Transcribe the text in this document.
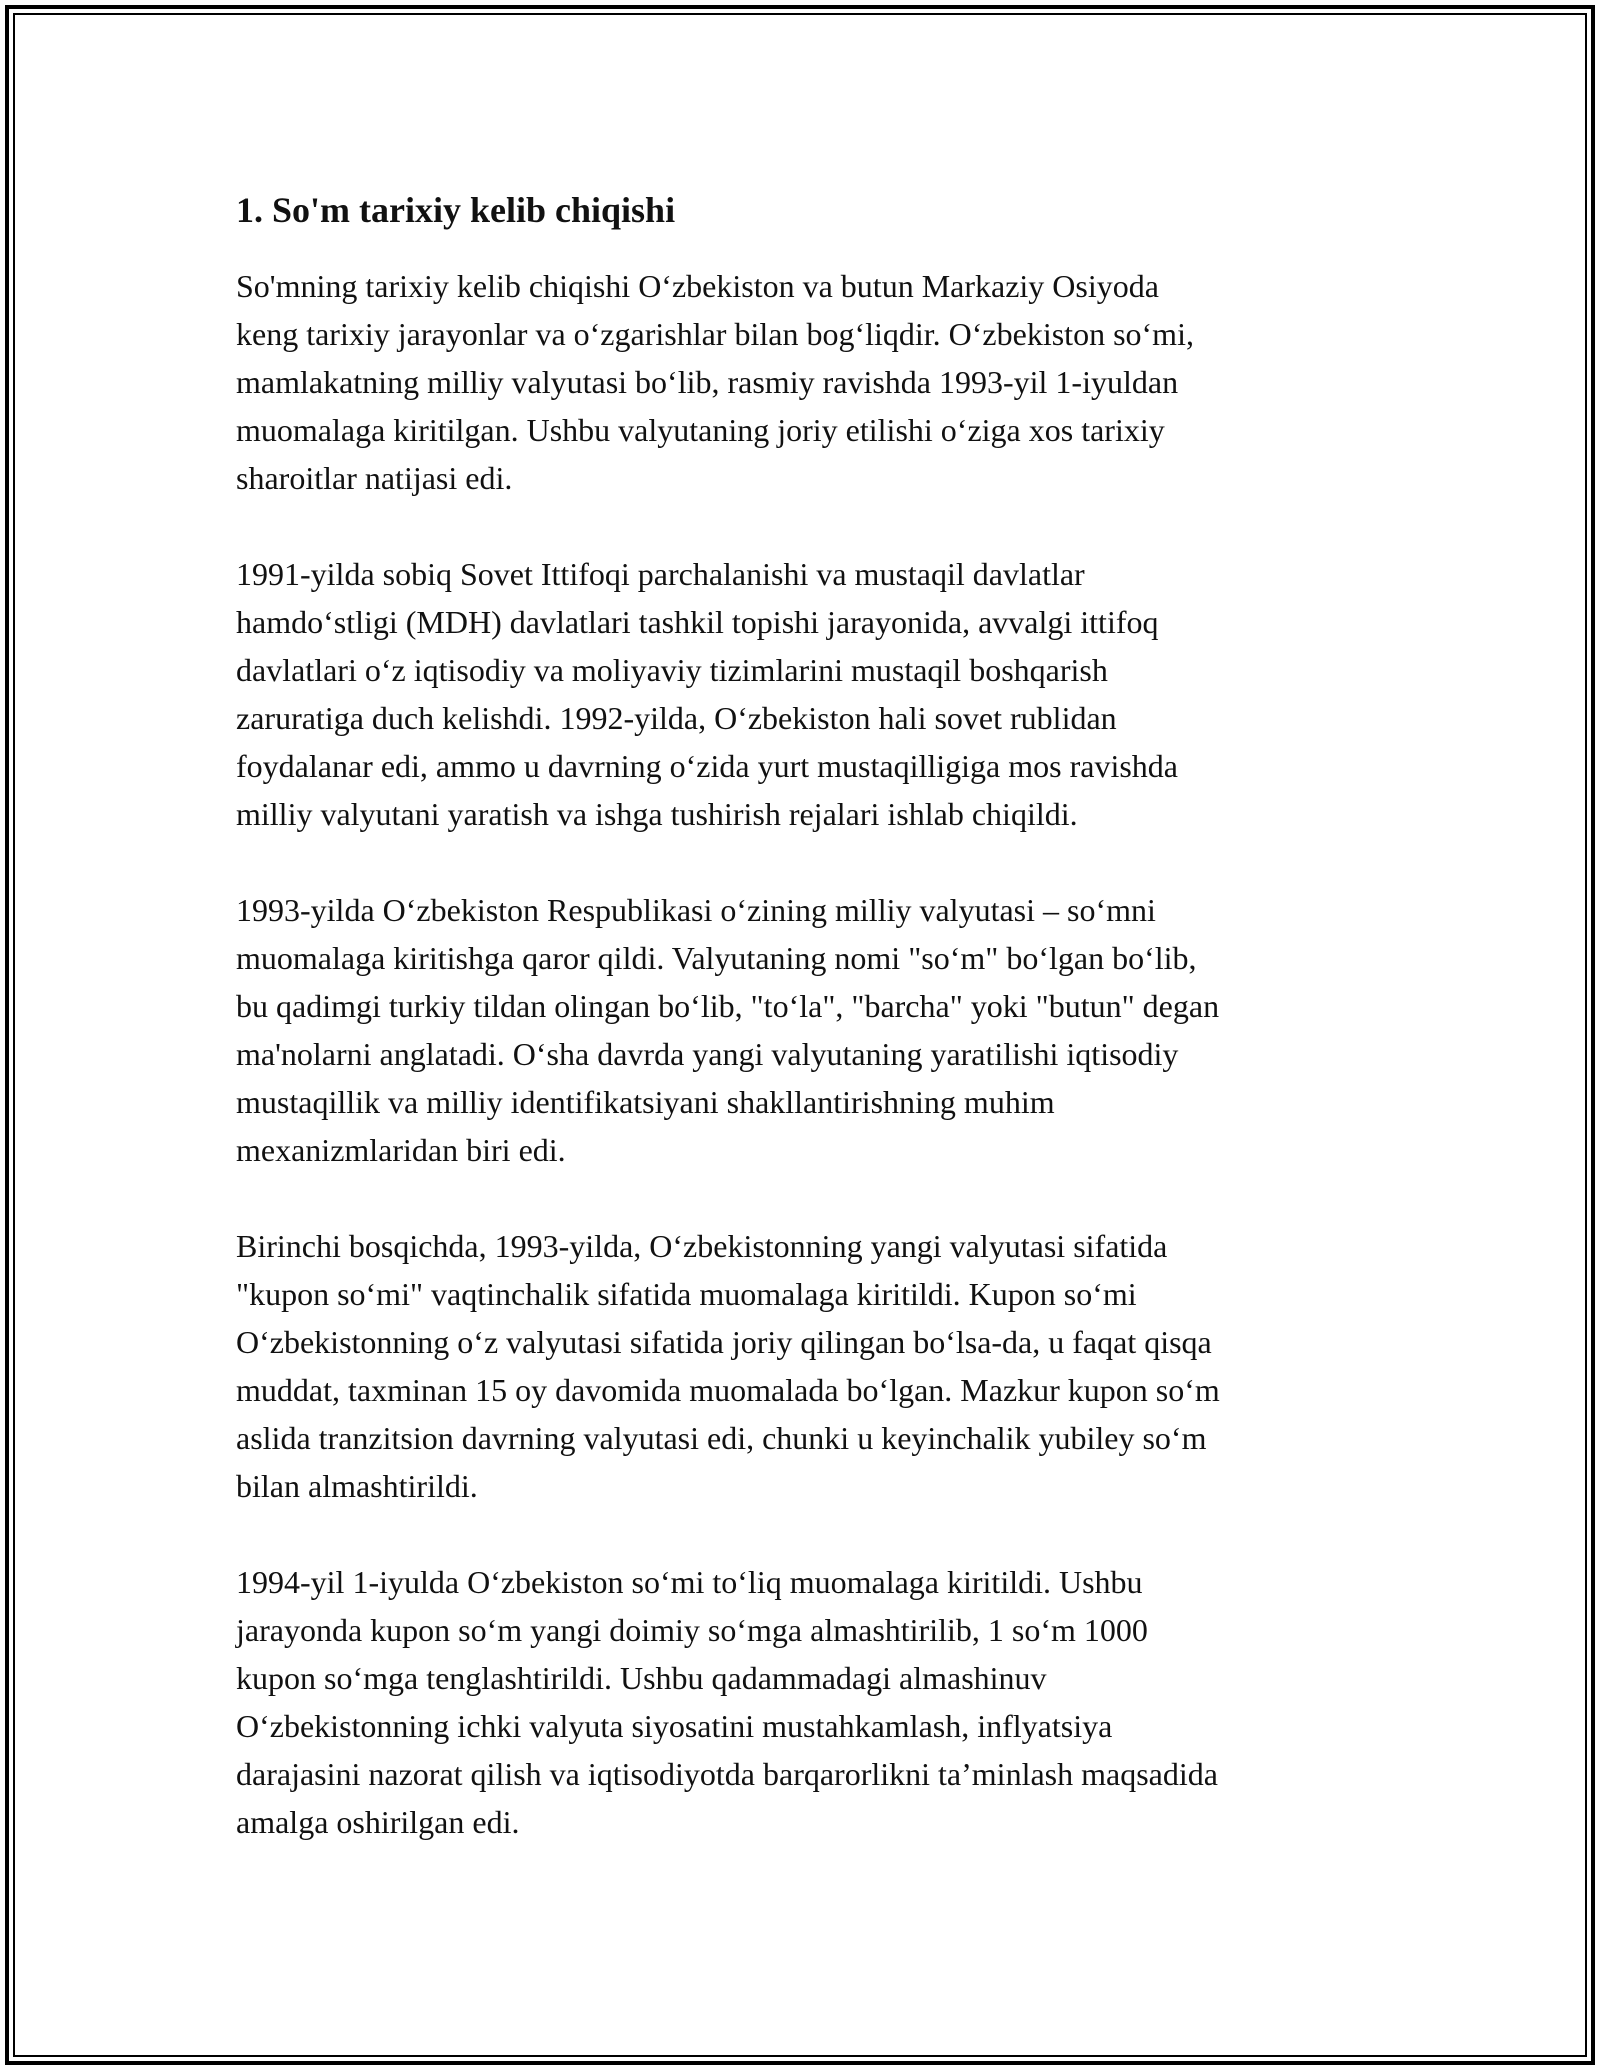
1. So'm tarixiy kelib chiqishi

So'mning tarixiy kelib chiqishi O‘zbekiston va butun Markaziy Osiyoda
keng tarixiy jarayonlar va o‘zgarishlar bilan bog‘liqdir. O‘zbekiston so‘mi,
mamlakatning milliy valyutasi bo‘lib, rasmiy ravishda 1993-yil 1-iyuldan
muomalaga kiritilgan. Ushbu valyutaning joriy etilishi o‘ziga xos tarixiy
sharoitlar natijasi edi.

1991-yilda sobiq Sovet Ittifoqi parchalanishi va mustaqil davlatlar
hamdo‘stligi (MDH) davlatlari tashkil topishi jarayonida, avvalgi ittifoq
davlatlari o‘z iqtisodiy va moliyaviy tizimlarini mustaqil boshqarish
zaruratiga duch kelishdi. 1992-yilda, O‘zbekiston hali sovet rublidan
foydalanar edi, ammo u davrning o‘zida yurt mustaqilligiga mos ravishda
milliy valyutani yaratish va ishga tushirish rejalari ishlab chiqildi.

1993-yilda O‘zbekiston Respublikasi o‘zining milliy valyutasi – so‘mni
muomalaga kiritishga qaror qildi. Valyutaning nomi "so‘m" bo‘lgan bo‘lib,
bu qadimgi turkiy tildan olingan bo‘lib, "to‘la", "barcha" yoki "butun" degan
ma'nolarni anglatadi. O‘sha davrda yangi valyutaning yaratilishi iqtisodiy
mustaqillik va milliy identifikatsiyani shakllantirishning muhim
mexanizmlaridan biri edi.

Birinchi bosqichda, 1993-yilda, O‘zbekistonning yangi valyutasi sifatida
"kupon so‘mi" vaqtinchalik sifatida muomalaga kiritildi. Kupon so‘mi
O‘zbekistonning o‘z valyutasi sifatida joriy qilingan bo‘lsa-da, u faqat qisqa
muddat, taxminan 15 oy davomida muomalada bo‘lgan. Mazkur kupon so‘m
aslida tranzitsion davrning valyutasi edi, chunki u keyinchalik yubiley so‘m
bilan almashtirildi.

1994-yil 1-iyulda O‘zbekiston so‘mi to‘liq muomalaga kiritildi. Ushbu
jarayonda kupon so‘m yangi doimiy so‘mga almashtirilib, 1 so‘m 1000
kupon so‘mga tenglashtirildi. Ushbu qadammadagi almashinuv
O‘zbekistonning ichki valyuta siyosatini mustahkamlash, inflyatsiya
darajasini nazorat qilish va iqtisodiyotda barqarorlikni ta’minlash maqsadida
amalga oshirilgan edi.
